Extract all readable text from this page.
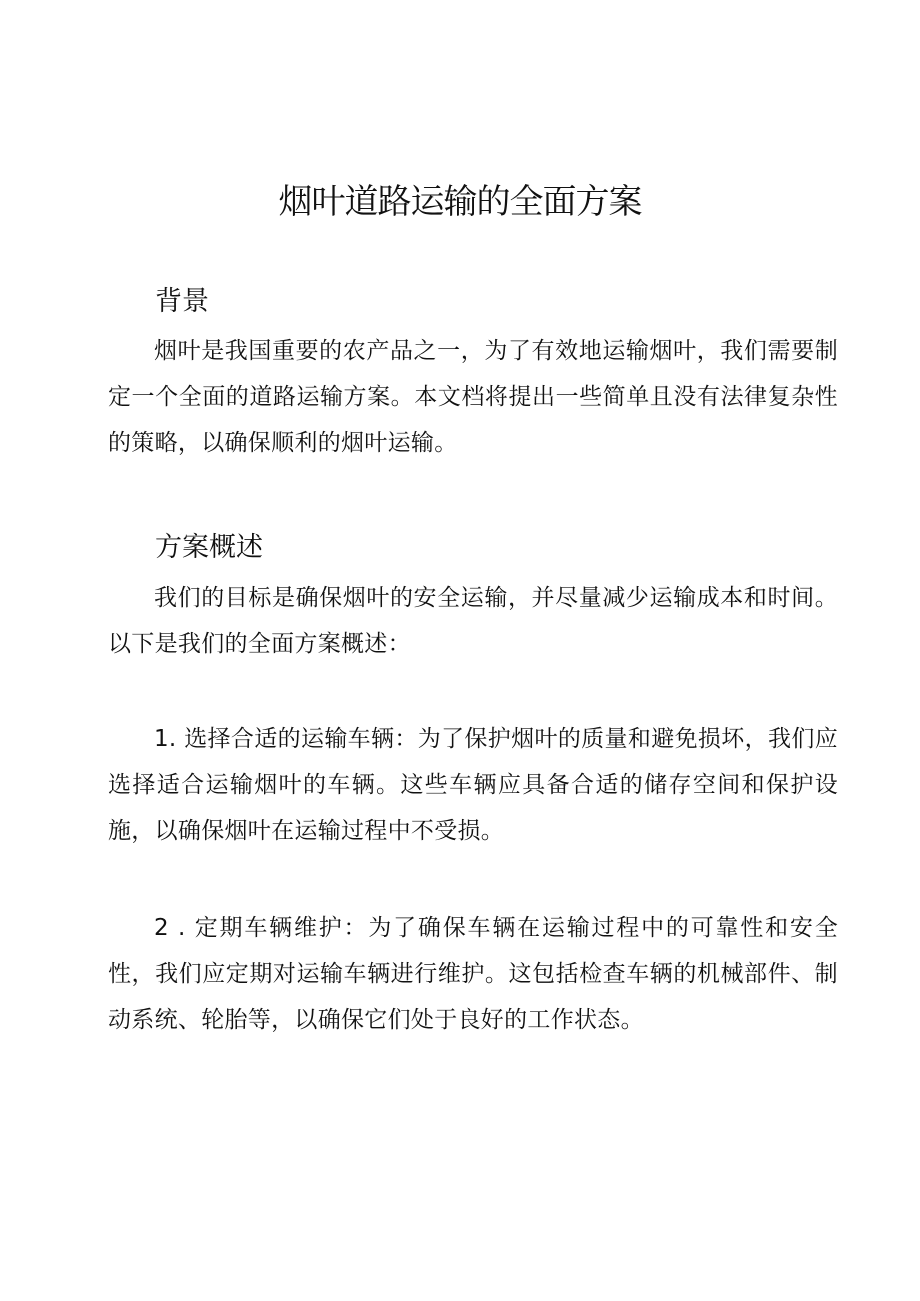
烟叶道路运输的全面方案
背景

烟叶是我国重要的农产品之一，为了有效地运输烟叶，我们需要制定一个全面的道路运输方案。本文档将提出一些简单且没有法律复杂性的策略，以确保顺利的烟叶运输。

方案概述

我们的目标是确保烟叶的安全运输，并尽量减少运输成本和时间。以下是我们的全面方案概述：

1. 选择合适的运输车辆：为了保护烟叶的质量和避免损坏，我们应选择适合运输烟叶的车辆。这些车辆应具备合适的储存空间和保护设施，以确保烟叶在运输过程中不受损。

2 . 定期车辆维护：为了确保车辆在运输过程中的可靠性和安全性，我们应定期对运输车辆进行维护。这包括检查车辆的机械部件、制动系统、轮胎等，以确保它们处于良好的工作状态。
